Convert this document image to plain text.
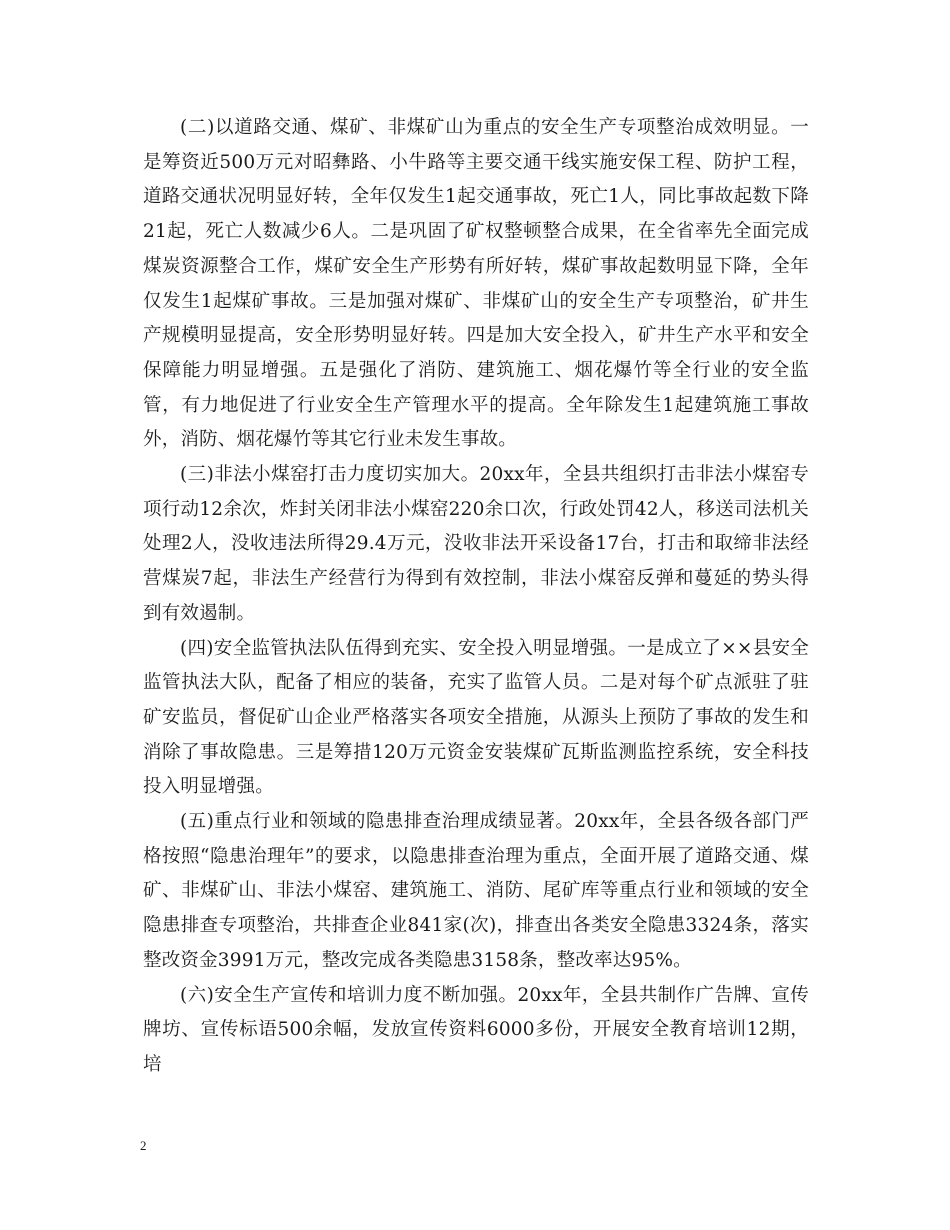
(二)以道路交通、煤矿、非煤矿山为重点的安全生产专项整治成效明显。一是筹资近500万元对昭彝路、小牛路等主要交通干线实施安保工程、防护工程，道路交通状况明显好转，全年仅发生1起交通事故，死亡1人，同比事故起数下降21起，死亡人数减少6人。二是巩固了矿权整顿整合成果，在全省率先全面完成煤炭资源整合工作，煤矿安全生产形势有所好转，煤矿事故起数明显下降，全年仅发生1起煤矿事故。三是加强对煤矿、非煤矿山的安全生产专项整治，矿井生产规模明显提高，安全形势明显好转。四是加大安全投入，矿井生产水平和安全保障能力明显增强。五是强化了消防、建筑施工、烟花爆竹等全行业的安全监管，有力地促进了行业安全生产管理水平的提高。全年除发生1起建筑施工事故外，消防、烟花爆竹等其它行业未发生事故。

(三)非法小煤窑打击力度切实加大。20xx年，全县共组织打击非法小煤窑专项行动12余次，炸封关闭非法小煤窑220余口次，行政处罚42人，移送司法机关处理2人，没收违法所得29.4万元，没收非法开采设备17台，打击和取缔非法经营煤炭7起，非法生产经营行为得到有效控制，非法小煤窑反弹和蔓延的势头得到有效遏制。

(四)安全监管执法队伍得到充实、安全投入明显增强。一是成立了××县安全监管执法大队，配备了相应的装备，充实了监管人员。二是对每个矿点派驻了驻矿安监员，督促矿山企业严格落实各项安全措施，从源头上预防了事故的发生和消除了事故隐患。三是筹措120万元资金安装煤矿瓦斯监测监控系统，安全科技投入明显增强。

(五)重点行业和领域的隐患排查治理成绩显著。20xx年，全县各级各部门严格按照“隐患治理年”的要求，以隐患排查治理为重点，全面开展了道路交通、煤矿、非煤矿山、非法小煤窑、建筑施工、消防、尾矿库等重点行业和领域的安全隐患排查专项整治，共排查企业841家(次)，排查出各类安全隐患3324条，落实整改资金3991万元，整改完成各类隐患3158条，整改率达95%。

(六)安全生产宣传和培训力度不断加强。20xx年，全县共制作广告牌、宣传牌坊、宣传标语500余幅，发放宣传资料6000多份，开展安全教育培训12期，培

2
